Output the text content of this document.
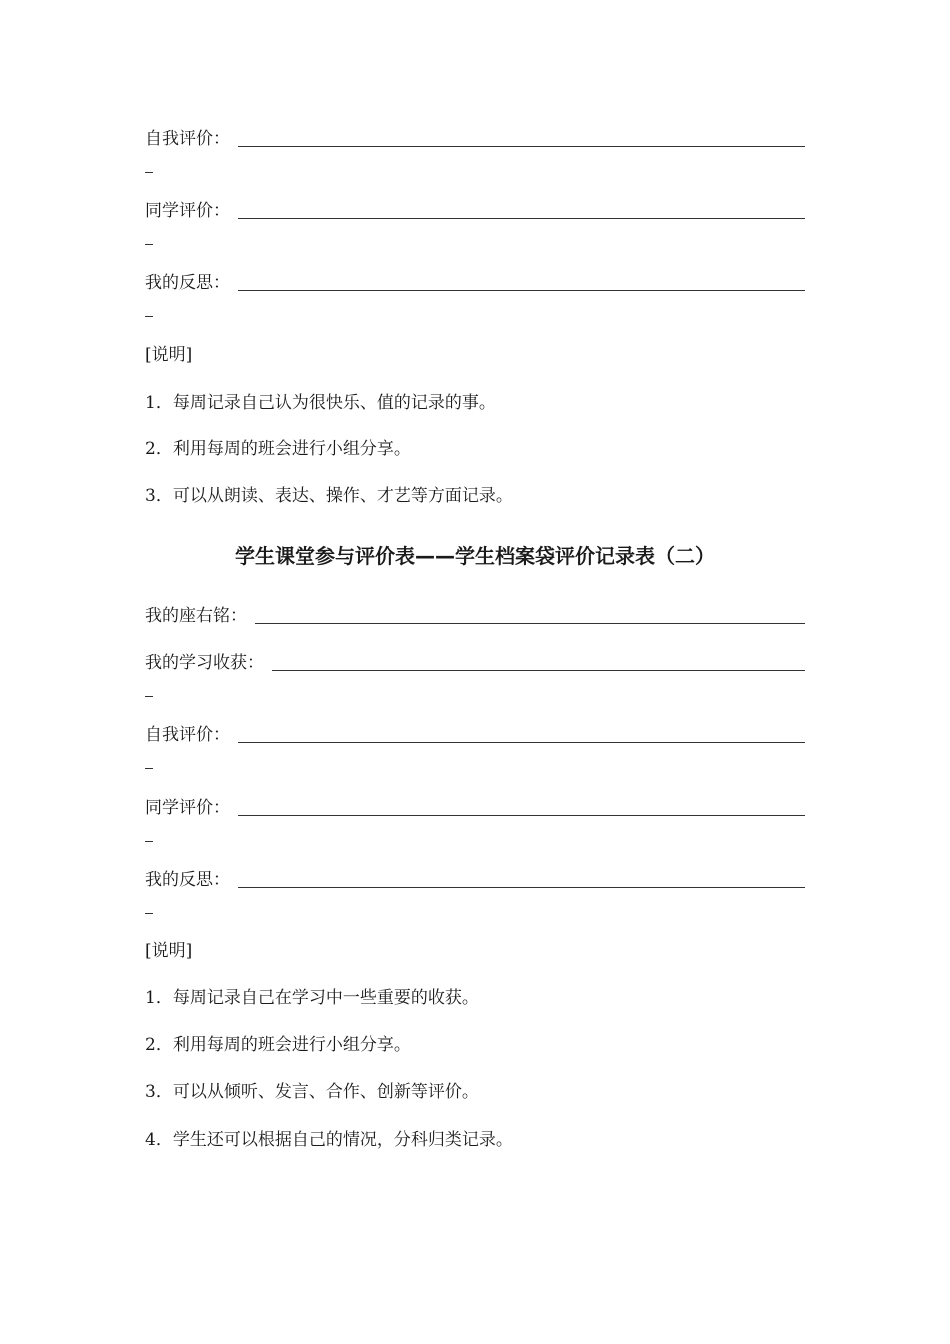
自我评价：
同学评价：
我的反思：
[说明]
1．每周记录自己认为很快乐、值的记录的事。
2．利用每周的班会进行小组分享。
3．可以从朗读、表达、操作、才艺等方面记录。
学生课堂参与评价表——学生档案袋评价记录表（二）
我的座右铭：
我的学习收获：
自我评价：
同学评价：
我的反思：
[说明]
1．每周记录自己在学习中一些重要的收获。
2．利用每周的班会进行小组分享。
3．可以从倾听、发言、合作、创新等评价。
4．学生还可以根据自己的情况，分科归类记录。
